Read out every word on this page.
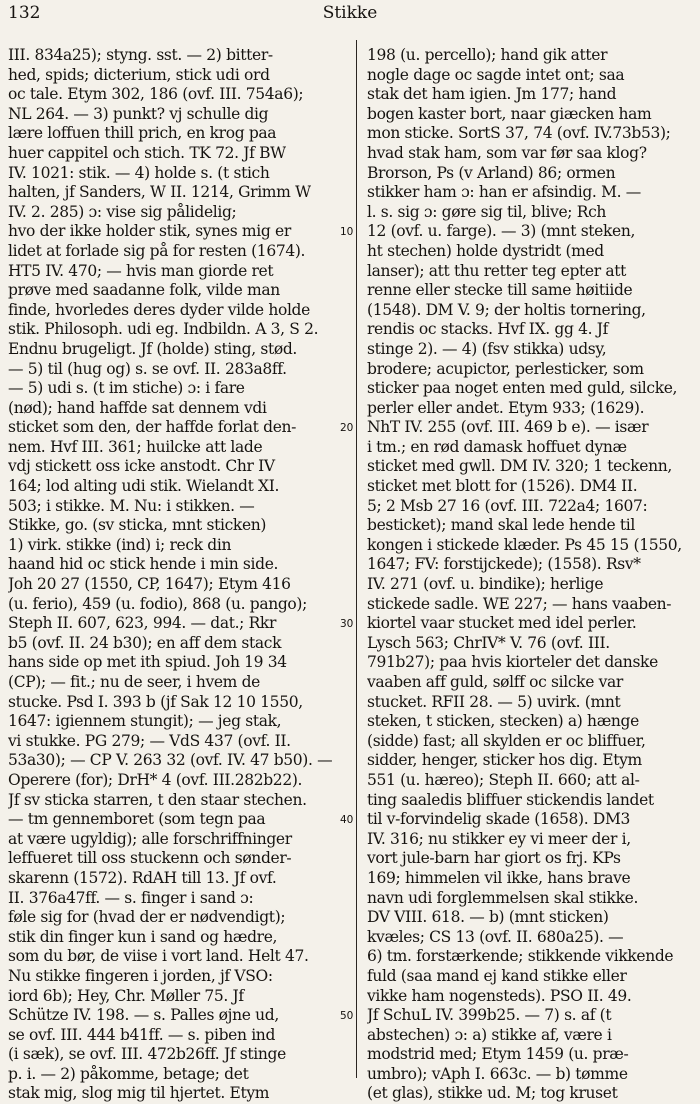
132	Stikke
III. 834a25); styng. sst. — 2) bitter-
hed, spids; dicterium, stick udi ord
oc tale. Etym 302, 186 (ovf. III. 754a6);
NL 264. — 3) punkt? vj schulle dig
lære loffuen thill prich, en krog paa
huer cappitel och stich. TK 72. Jf BW
IV. 1021: stik. — 4) holde s. (t stich
halten, jf Sanders, W II. 1214, Grimm W
IV. 2. 285) ɔ: vise sig pålidelig;
hvo der ikke holder stik, synes mig er
lidet at forlade sig på for resten (1674).
HT5 IV. 470; — hvis man giorde ret
prøve med saadanne folk, vilde man
finde, hvorledes deres dyder vilde holde
stik. Philosoph. udi eg. Indbildn. A 3, S 2.
Endnu brugeligt. Jf (holde) sting, stød.
— 5) til (hug og) s. se ovf. II. 283a8ff.
— 5) udi s. (t im stiche) ɔ: i fare
(nød); hand haffde sat dennem vdi
sticket som den, der haffde forlat den-
nem. Hvf III. 361; huilcke att lade
vdj stickett oss icke anstodt. Chr IV
164; lod alting udi stik. Wielandt XI.
503; i stikke. M. Nu: i stikken. —
Stikke, go. (sv sticka, mnt sticken)
1) virk. stikke (ind) i; reck din
haand hid oc stick hende i min side.
Joh 20 27 (1550, CP, 1647); Etym 416
(u. ferio), 459 (u. fodio), 868 (u. pango);
Steph II. 607, 623, 994. — dat.; Rkr
b5 (ovf. II. 24 b30); en aff dem stack
hans side op met ith spiud. Joh 19 34
(CP); — fit.; nu de seer, i hvem de
stucke. Psd I. 393 b (jf Sak 12 10 1550,
1647: igiennem stungit); — jeg stak,
vi stukke. PG 279; — VdS 437 (ovf. II.
53a30); — CP V. 263 32 (ovf. IV. 47 b50). —
Operere (for); DrH* 4 (ovf. III.282b22).
Jf sv sticka starren, t den staar stechen.
— tm gennemboret (som tegn paa
at være ugyldig); alle forschriffninger
leffueret till oss stuckenn och sønder-
skarenn (1572). RdAH till 13. Jf ovf.
II. 376a47ff. — s. finger i sand ɔ:
føle sig for (hvad der er nødvendigt);
stik din finger kun i sand og hædre,
som du bør, de viise i vort land. Helt 47.
Nu stikke fingeren i jorden, jf VSO:
iord 6b); Hey, Chr. Møller 75. Jf
Schütze IV. 198. — s. Palles øjne ud,
se ovf. III. 444 b41ff. — s. piben ind
(i sæk), se ovf. III. 472b26ff. Jf stinge
p. i. — 2) påkomme, betage; det
stak mig, slog mig til hjertet. Etym
198 (u. percello); hand gik atter
nogle dage oc sagde intet ont; saa
stak det ham igien. Jm 177; hand
bogen kaster bort, naar giæcken ham
mon sticke. SortS 37, 74 (ovf. IV.73b53);
hvad stak ham, som var før saa klog?
Brorson, Ps (v Arland) 86; ormen
stikker ham ɔ: han er afsindig. M. —
l. s. sig ɔ: gøre sig til, blive; Rch
12 (ovf. u. farge). — 3) (mnt steken,
ht stechen) holde dystridt (med
lanser); att thu retter teg epter att
renne eller stecke till same høitiide
(1548). DM V. 9; der holtis tornering,
rendis oc stacks. Hvf IX. gg 4. Jf
stinge 2). — 4) (fsv stikka) udsy,
brodere; acupictor, perlesticker, som
sticker paa noget enten med guld, silcke,
perler eller andet. Etym 933; (1629).
NhT IV. 255 (ovf. III. 469 b e). — især
i tm.; en rød damask hoffuet dynæ
sticket med gwll. DM IV. 320; 1 teckenn,
sticket met blott for (1526). DM4 II.
5; 2 Msb 27 16 (ovf. III. 722a4; 1607:
besticket); mand skal lede hende til
kongen i stickede klæder. Ps 45 15 (1550,
1647; FV: forstijckede); (1558). Rsv*
IV. 271 (ovf. u. bindike); herlige
stickede sadle. WE 227; — hans vaaben-
kiortel vaar stucket med idel perler.
Lysch 563; ChrIV* V. 76 (ovf. III.
791b27); paa hvis kiorteler det danske
vaaben aff guld, sølff oc silcke var
stucket. RFII 28. — 5) uvirk. (mnt
steken, t sticken, stecken) a) hænge
(sidde) fast; all skylden er oc bliffuer,
sidder, henger, sticker hos dig. Etym
551 (u. hæreo); Steph II. 660; att al-
ting saaledis bliffuer stickendis landet
til v-forvindelig skade (1658). DM3
IV. 316; nu stikker ey vi meer der i,
vort jule-barn har giort os frj. KPs
169; himmelen vil ikke, hans brave
navn udi forglemmelsen skal stikke.
DV VIII. 618. — b) (mnt sticken)
kvæles; CS 13 (ovf. II. 680a25). —
6) tm. forstærkende; stikkende vikkende
fuld (saa mand ej kand stikke eller
vikke ham nogensteds). PSO II. 49.
Jf SchuL IV. 399b25. — 7) s. af (t
abstechen) ɔ: a) stikke af, være i
modstrid med; Etym 1459 (u. præ-
umbro); vAph I. 663c. — b) tømme
(et glas), stikke ud. M; tog kruset
10
20
30
40
50
